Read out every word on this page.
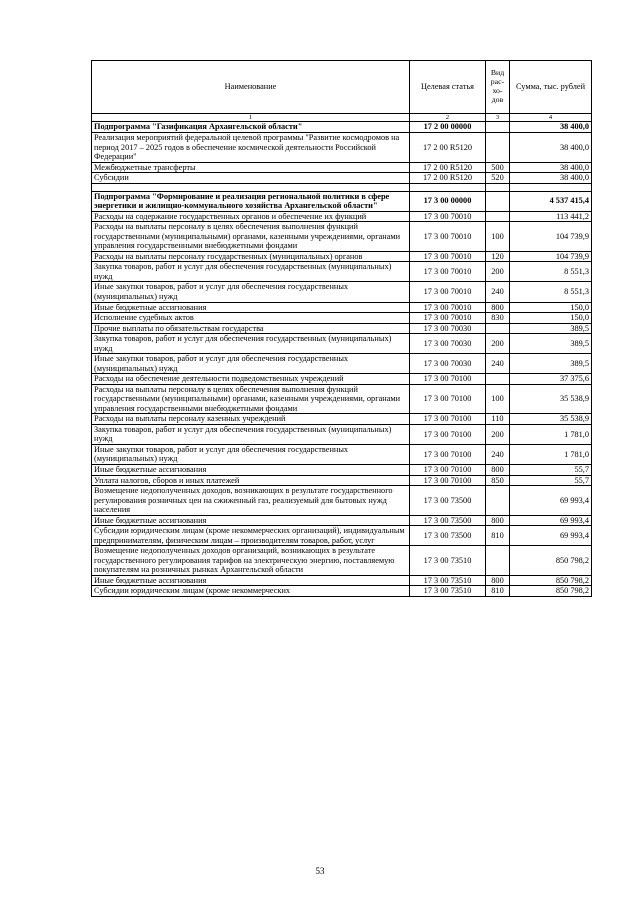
Наименование	Целевая статья	Вид рас-хо-дов	Сумма, тыс. рублей
1	2	3	4
Подпрограмма "Газификация Архангельской области"	17 2 00 00000		38 400,0
Реализация мероприятий федеральной целевой программы "Развитие космодромов на период 2017 – 2025 годов в обеспечение космической деятельности Российской Федерации"	17 2 00 R5120		38 400,0
Межбюджетные трансферты	17 2 00 R5120	500	38 400,0
Субсидии	17 2 00 R5120	520	38 400,0

Подпрограмма "Формирование и реализация региональной политики в сфере энергетики и жилищно-коммунального хозяйства Архангельской области"	17 3 00 00000		4 537 415,4
Расходы на содержание государственных органов и обеспечение их функций	17 3 00 70010		113 441,2
Расходы на выплаты персоналу в целях обеспечения выполнения функций государственными (муниципальными) органами, казенными учреждениями, органами управления государственными внебюджетными фондами	17 3 00 70010	100	104 739,9
Расходы на выплаты персоналу государственных (муниципальных) органов	17 3 00 70010	120	104 739,9
Закупка товаров, работ и услуг для обеспечения государственных (муниципальных) нужд	17 3 00 70010	200	8 551,3
Иные закупки товаров, работ и услуг для обеспечения государственных (муниципальных) нужд	17 3 00 70010	240	8 551,3
Иные бюджетные ассигнования	17 3 00 70010	800	150,0
Исполнение судебных актов	17 3 00 70010	830	150,0
Прочие выплаты по обязательствам государства	17 3 00 70030		389,5
Закупка товаров, работ и услуг для обеспечения государственных (муниципальных) нужд	17 3 00 70030	200	389,5
Иные закупки товаров, работ и услуг для обеспечения государственных (муниципальных) нужд	17 3 00 70030	240	389,5
Расходы на обеспечение деятельности подведомственных учреждений	17 3 00 70100		37 375,6
Расходы на выплаты персоналу в целях обеспечения выполнения функций государственными (муниципальными) органами, казенными учреждениями, органами управления государственными внебюджетными фондами	17 3 00 70100	100	35 538,9
Расходы на выплаты персоналу казенных учреждений	17 3 00 70100	110	35 538,9
Закупка товаров, работ и услуг для обеспечения государственных (муниципальных) нужд	17 3 00 70100	200	1 781,0
Иные закупки товаров, работ и услуг для обеспечения государственных (муниципальных) нужд	17 3 00 70100	240	1 781,0
Иные бюджетные ассигнования	17 3 00 70100	800	55,7
Уплата налогов, сборов и иных платежей	17 3 00 70100	850	55,7
Возмещение недополученных доходов, возникающих в результате государственного регулирования розничных цен на сжиженный газ, реализуемый для бытовых нужд населения	17 3 00 73500		69 993,4
Иные бюджетные ассигнования	17 3 00 73500	800	69 993,4
Субсидии юридическим лицам (кроме некоммерческих организаций), индивидуальным предпринимателям, физическим лицам – производителям товаров, работ, услуг	17 3 00 73500	810	69 993,4
Возмещение недополученных доходов организаций, возникающих в результате государственного регулирования тарифов на электрическую энергию, поставляемую покупателям на розничных рынках Архангельской области	17 3 00 73510		850 798,2
Иные бюджетные ассигнования	17 3 00 73510	800	850 798,2
Субсидии юридическим лицам (кроме некоммерческих	17 3 00 73510	810	850 798,2
53
